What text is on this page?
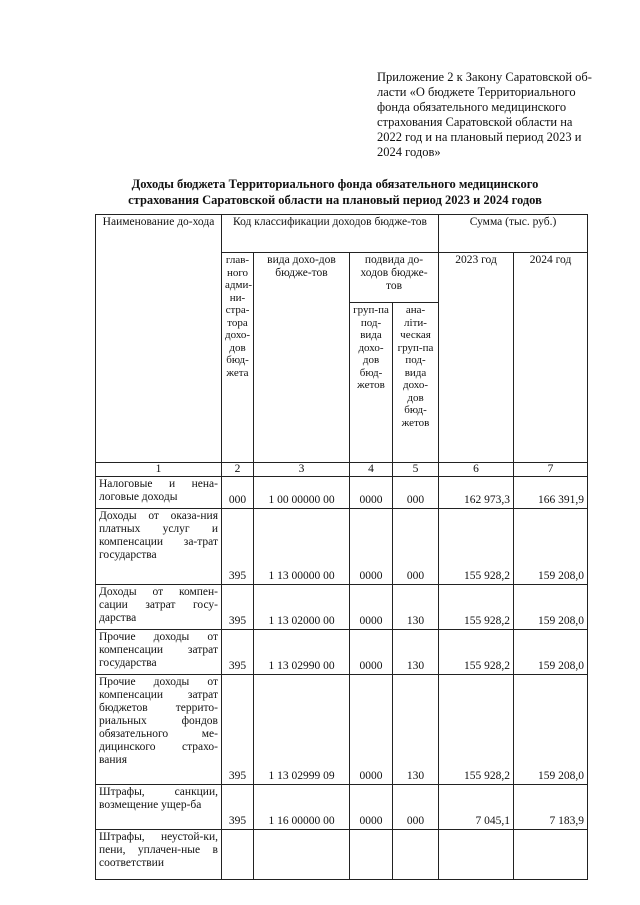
Приложение 2 к Закону Саратовской об-
ласти «О бюджете Территориального
фонда обязательного медицинского
страхования Саратовской области на
2022 год и на плановый период 2023 и
2024 годов»
Доходы бюджета Территориального фонда обязательного медицинского
страхования Саратовской области на плановый период 2023 и 2024 годов
Наименование до-хода	Код классификации доходов бюдже-тов				Сумма (тыс. руб.)	
	глав-ного адми-ни-стра-тора дохо-дов бюд-жета	вида дохо-дов бюдже-тов	подвида до-ходов бюдже-тов		2023 год	2024 год
			груп-па под-вида дохо-дов бюд-жетов	ана-літи-ческая груп-па под-вида дохо-дов бюд-жетов		
1	2	3	4	5	6	7
Налоговые и нена-логовые доходы	000	1 00 00000 00	0000	000	162 973,3	166 391,9
Доходы от оказа-ния платных услуг и компенсации за-трат государства	395	1 13 00000 00	0000	000	155 928,2	159 208,0
Доходы от компен-сации затрат госу-дарства	395	1 13 02000 00	0000	130	155 928,2	159 208,0
Прочие доходы от компенсации затрат государства	395	1 13 02990 00	0000	130	155 928,2	159 208,0
Прочие доходы от компенсации затрат бюджетов террито-риальных фондов обязательного ме-дицинского страхо-вания	395	1 13 02999 09	0000	130	155 928,2	159 208,0
Штрафы, санкции, возмещение ущер-ба	395	1 16 00000 00	0000	000	7 045,1	7 183,9
Штрафы, неустой-ки, пени, уплачен-ные в соответствии						
